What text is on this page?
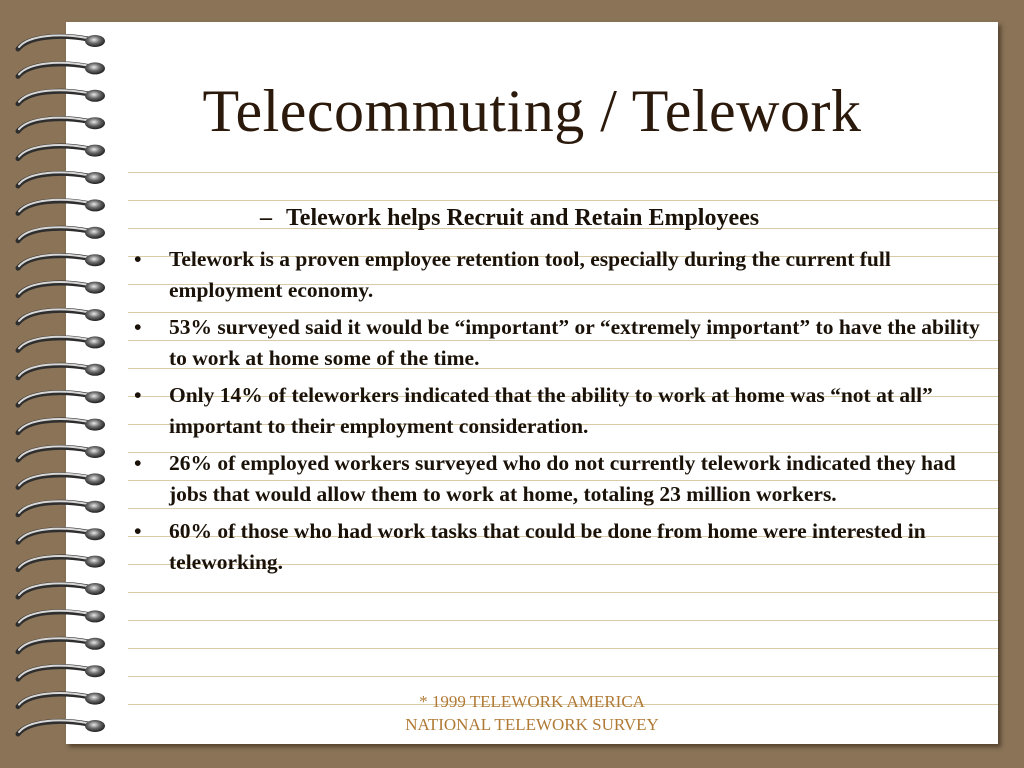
Telecommuting / Telework
– Telework helps Recruit and Retain Employees
• Telework is a proven employee retention tool, especially during the current full employment economy.
• 53% surveyed said it would be “important” or “extremely important” to have the ability to work at home some of the time.
• Only 14% of teleworkers indicated that the ability to work at home was “not at all” important to their employment consideration.
• 26% of employed workers surveyed who do not currently telework indicated they had jobs that would allow them to work at home, totaling 23 million workers.
• 60% of those who had work tasks that could be done from home were interested in teleworking.
* 1999 TELEWORK AMERICA
NATIONAL TELEWORK SURVEY
